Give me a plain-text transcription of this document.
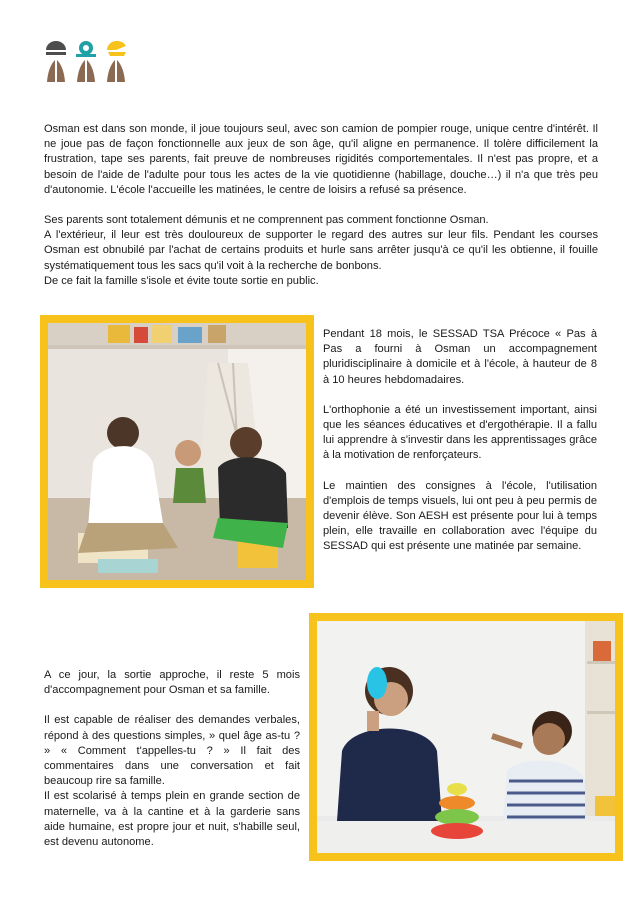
Osman est dans son monde, il joue toujours seul, avec son camion de pompier rouge, unique centre d'intérêt. Il ne joue pas de façon fonctionnelle aux jeux de son âge, qu'il aligne en permanence. Il tolère difficilement la frustration, tape ses parents, fait preuve de nombreuses rigidités comportementales. Il n'est pas propre, et a besoin de l'aide de l'adulte pour tous les actes de la vie quotidienne (habillage, douche…) il n'a que très peu d'autonomie. L'école l'accueille les matinées, le centre de loisirs a refusé sa présence.

Ses parents sont totalement démunis et ne comprennent pas comment fonctionne Osman.

A l'extérieur, il leur est très douloureux de supporter le regard des autres sur leur fils. Pendant les courses Osman est obnubilé par l'achat de certains produits et hurle sans arrêter jusqu'à ce qu'il les obtienne, il fouille systématiquement tous les sacs qu'il voit à la recherche de bonbons.

De ce fait la famille s'isole et évite toute sortie en public.

Pendant 18 mois, le SESSAD TSA Précoce « Pas à Pas a fourni à Osman un accompagnement pluridisciplinaire à domicile et à l'école, à hauteur de 8 à 10 heures hebdomadaires.

L'orthophonie a été un investissement important, ainsi que les séances éducatives et d'ergothérapie. Il a fallu lui apprendre à s'investir dans les apprentissages grâce à la motivation de renforçateurs.

Le maintien des consignes à l'école, l'utilisation d'emplois de temps visuels, lui ont peu à peu permis de devenir élève. Son AESH est présente pour lui à temps plein, elle travaille en collaboration avec l'équipe du SESSAD qui est présente une matinée par semaine.

A ce jour, la sortie approche, il reste 5 mois d'accompagnement pour Osman et sa famille.

Il est capable de réaliser des demandes verbales, répond à des questions simples, » quel âge as-tu ? » « Comment t'appelles-tu ? » Il fait des commentaires dans une conversation et fait beaucoup rire sa famille.

Il est scolarisé à temps plein en grande section de maternelle, va à la cantine et à la garderie sans aide humaine, est propre jour et nuit, s'habille seul, est devenu autonome.
